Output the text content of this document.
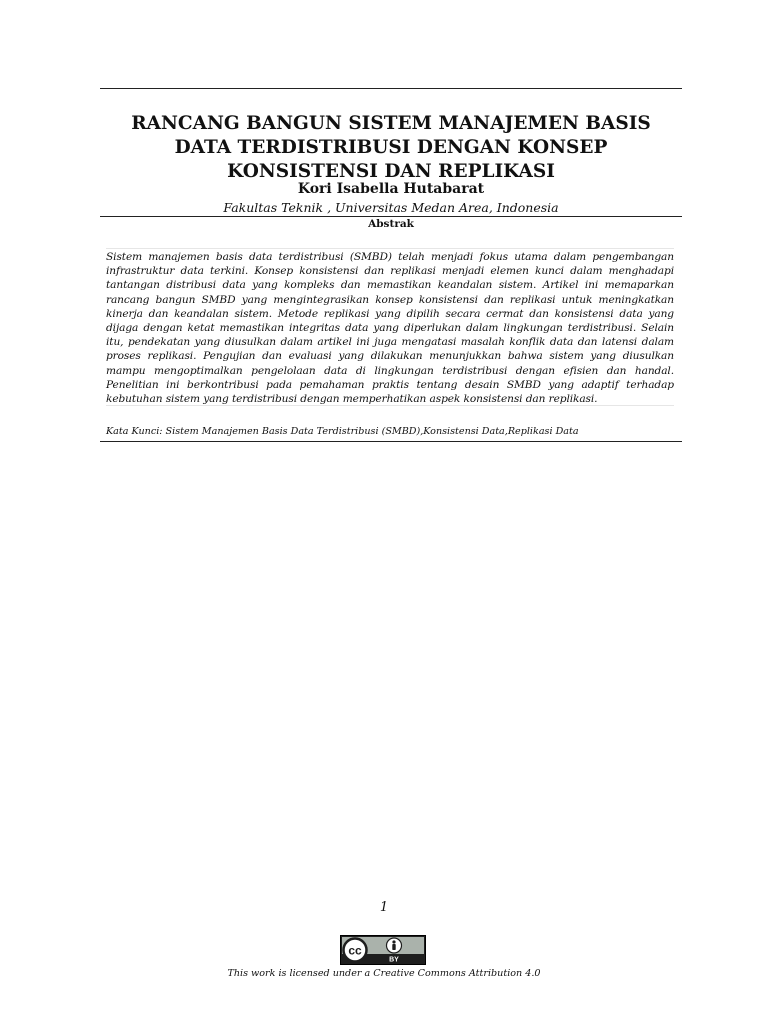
RANCANG BANGUN SISTEM MANAJEMEN BASIS DATA TERDISTRIBUSI DENGAN KONSEP KONSISTENSI DAN REPLIKASI
Kori Isabella Hutabarat
Fakultas Teknik , Universitas Medan Area, Indonesia
Abstrak

Sistem manajemen basis data terdistribusi (SMBD) telah menjadi fokus utama dalam pengembangan infrastruktur data terkini. Konsep konsistensi dan replikasi menjadi elemen kunci dalam menghadapi tantangan distribusi data yang kompleks dan memastikan keandalan sistem. Artikel ini memaparkan rancang bangun SMBD yang mengintegrasikan konsep konsistensi dan replikasi untuk meningkatkan kinerja dan keandalan sistem. Metode replikasi yang dipilih secara cermat dan konsistensi data yang dijaga dengan ketat memastikan integritas data yang diperlukan dalam lingkungan terdistribusi. Selain itu, pendekatan yang diusulkan dalam artikel ini juga mengatasi masalah konflik data dan latensi dalam proses replikasi. Pengujian dan evaluasi yang dilakukan menunjukkan bahwa sistem yang diusulkan mampu mengoptimalkan pengelolaan data di lingkungan terdistribusi dengan efisien dan handal. Penelitian ini berkontribusi pada pemahaman praktis tentang desain SMBD yang adaptif terhadap kebutuhan sistem yang terdistribusi dengan memperhatikan aspek konsistensi dan replikasi.

Kata Kunci: Sistem Manajemen Basis Data Terdistribusi (SMBD),Konsistensi Data,Replikasi Data
1
cc
BY
This work is licensed under a Creative Commons Attribution 4.0
